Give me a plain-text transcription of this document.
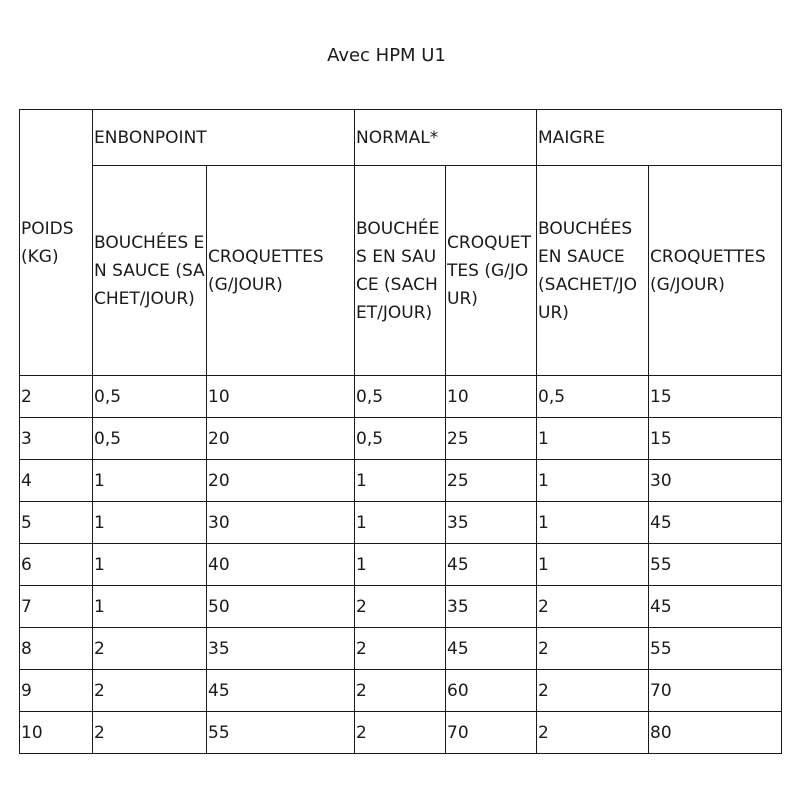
Avec HPM U1
POIDS (KG)	ENBONPOINT		NORMAL*		MAIGRE	
	BOUCHÉES EN SAUCE (SACHET/JOUR)	CROQUETTES (G/JOUR)	BOUCHÉES EN SAUCE (SACHET/JOUR)	CROQUETTES (G/JOUR)	BOUCHÉES EN SAUCE (SACHET/JOUR)	CROQUETTES (G/JOUR)
2	0,5	10	0,5	10	0,5	15
3	0,5	20	0,5	25	1	15
4	1	20	1	25	1	30
5	1	30	1	35	1	45
6	1	40	1	45	1	55
7	1	50	2	35	2	45
8	2	35	2	45	2	55
9	2	45	2	60	2	70
10	2	55	2	70	2	80
